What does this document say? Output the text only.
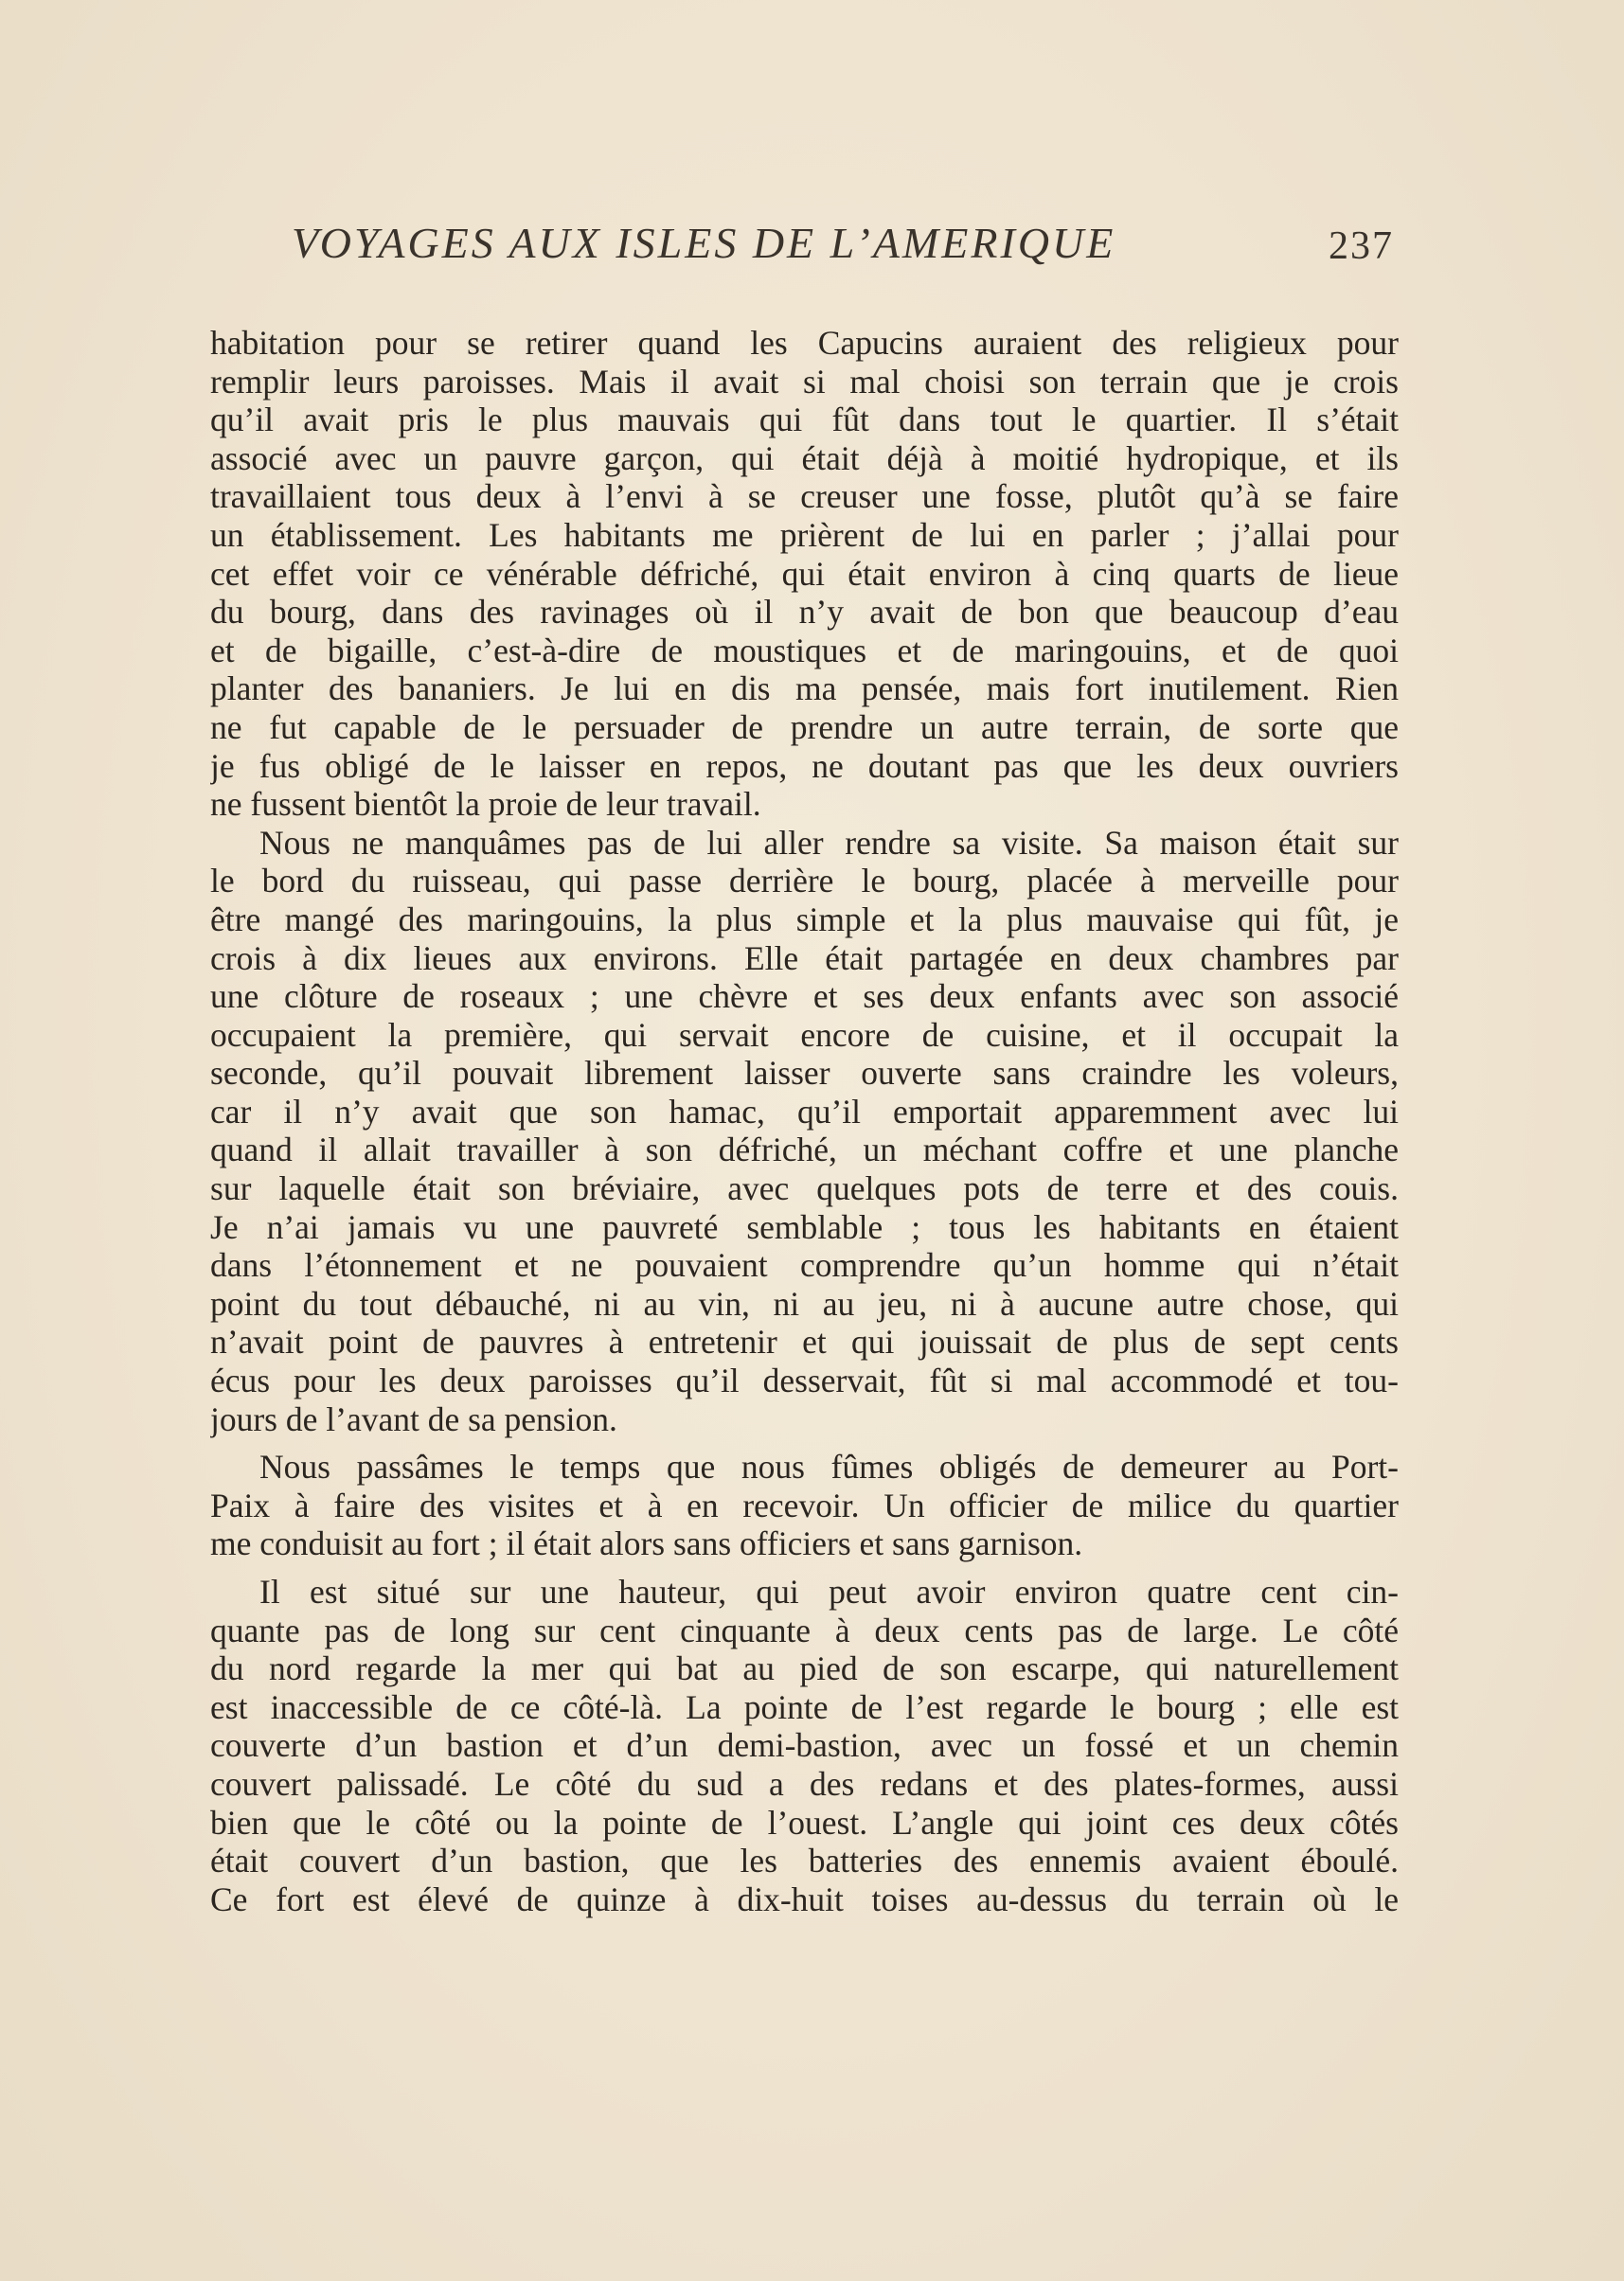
VOYAGES AUX ISLES DE L’AMERIQUE	237

habitation pour se retirer quand les Capucins auraient des religieux pour

remplir leurs paroisses. Mais il avait si mal choisi son terrain que je crois

qu’il avait pris le plus mauvais qui fût dans tout le quartier. Il s’était

associé avec un pauvre garçon, qui était déjà à moitié hydropique, et ils

travaillaient tous deux à l’envi à se creuser une fosse, plutôt qu’à se faire

un établissement. Les habitants me prièrent de lui en parler ; j’allai pour

cet effet voir ce vénérable défriché, qui était environ à cinq quarts de lieue

du bourg, dans des ravinages où il n’y avait de bon que beaucoup d’eau

et de bigaille, c’est-à-dire de moustiques et de maringouins, et de quoi

planter des bananiers. Je lui en dis ma pensée, mais fort inutilement. Rien

ne fut capable de le persuader de prendre un autre terrain, de sorte que

je fus obligé de le laisser en repos, ne doutant pas que les deux ouvriers

ne fussent bientôt la proie de leur travail.

Nous ne manquâmes pas de lui aller rendre sa visite. Sa maison était sur

le bord du ruisseau, qui passe derrière le bourg, placée à merveille pour

être mangé des maringouins, la plus simple et la plus mauvaise qui fût, je

crois à dix lieues aux environs. Elle était partagée en deux chambres par

une clôture de roseaux ; une chèvre et ses deux enfants avec son associé

occupaient la première, qui servait encore de cuisine, et il occupait la

seconde, qu’il pouvait librement laisser ouverte sans craindre les voleurs,

car il n’y avait que son hamac, qu’il emportait apparemment avec lui

quand il allait travailler à son défriché, un méchant coffre et une planche

sur laquelle était son bréviaire, avec quelques pots de terre et des couis.

Je n’ai jamais vu une pauvreté semblable ; tous les habitants en étaient

dans l’étonnement et ne pouvaient comprendre qu’un homme qui n’était

point du tout débauché, ni au vin, ni au jeu, ni à aucune autre chose, qui

n’avait point de pauvres à entretenir et qui jouissait de plus de sept cents

écus pour les deux paroisses qu’il desservait, fût si mal accommodé et tou-

jours de l’avant de sa pension.

Nous passâmes le temps que nous fûmes obligés de demeurer au Port-

Paix à faire des visites et à en recevoir. Un officier de milice du quartier

me conduisit au fort ; il était alors sans officiers et sans garnison.

Il est situé sur une hauteur, qui peut avoir environ quatre cent cin-

quante pas de long sur cent cinquante à deux cents pas de large. Le côté

du nord regarde la mer qui bat au pied de son escarpe, qui naturellement

est inaccessible de ce côté-là. La pointe de l’est regarde le bourg ; elle est

couverte d’un bastion et d’un demi-bastion, avec un fossé et un chemin

couvert palissadé. Le côté du sud a des redans et des plates-formes, aussi

bien que le côté ou la pointe de l’ouest. L’angle qui joint ces deux côtés

était couvert d’un bastion, que les batteries des ennemis avaient éboulé.

Ce fort est élevé de quinze à dix-huit toises au-dessus du terrain où le
